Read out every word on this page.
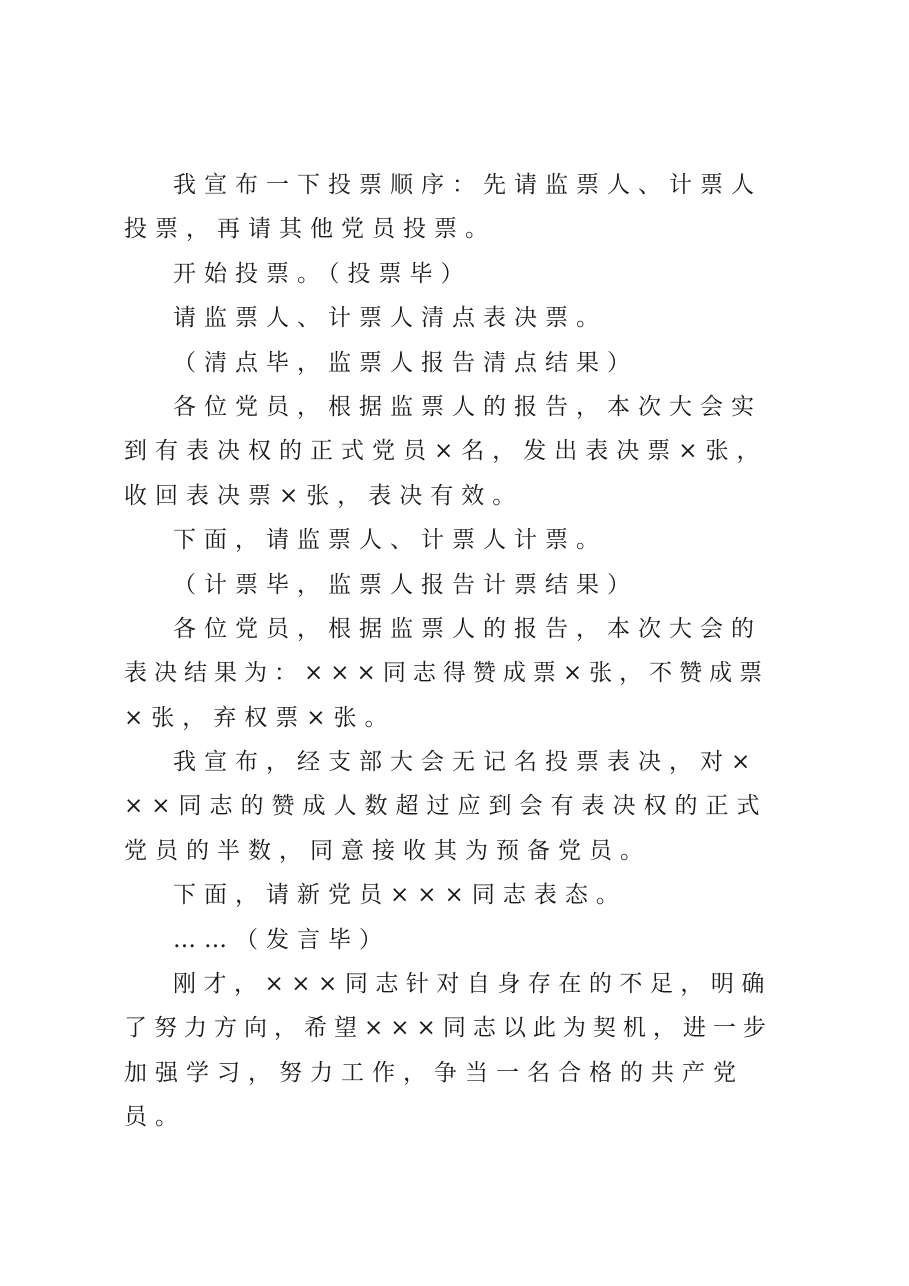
我宣布一下投票顺序：先请监票人、计票人
投票，再请其他党员投票。
开始投票。（投票毕）
请监票人、计票人清点表决票。
（清点毕，监票人报告清点结果）
各位党员，根据监票人的报告，本次大会实
到有表决权的正式党员×名，发出表决票×张，
收回表决票×张，表决有效。
下面，请监票人、计票人计票。
（计票毕，监票人报告计票结果）
各位党员，根据监票人的报告，本次大会的
表决结果为：×××同志得赞成票×张，不赞成票
×张，弃权票×张。
我宣布，经支部大会无记名投票表决，对×
××同志的赞成人数超过应到会有表决权的正式
党员的半数，同意接收其为预备党员。
下面，请新党员×××同志表态。
……（发言毕）
刚才，×××同志针对自身存在的不足，明确
了努力方向，希望×××同志以此为契机，进一步
加强学习，努力工作，争当一名合格的共产党
员。
